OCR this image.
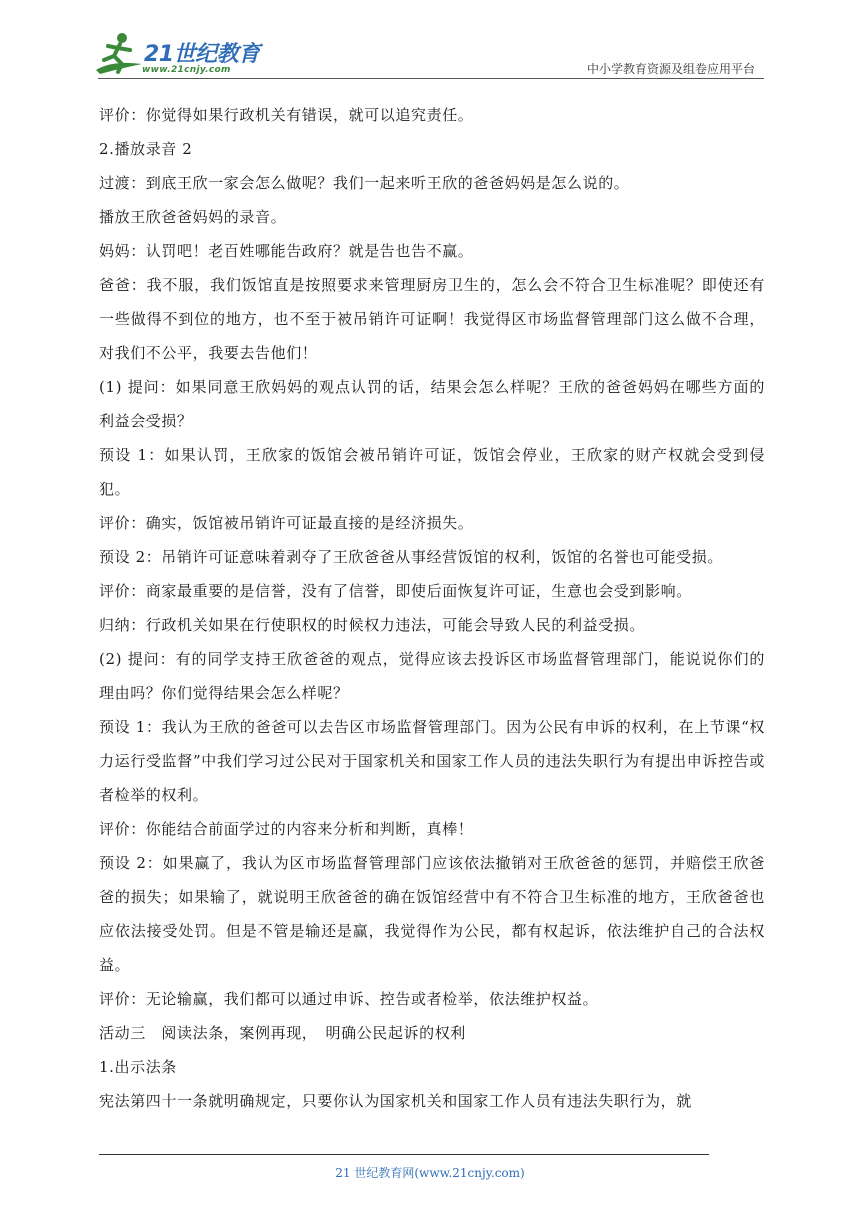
21世纪教育
www.21cnjy.com	中小学教育资源及组卷应用平台

评价：你觉得如果行政机关有错误，就可以追究责任。

2.播放录音 2

过渡：到底王欣一家会怎么做呢？我们一起来听王欣的爸爸妈妈是怎么说的。

播放王欣爸爸妈妈的录音。

妈妈：认罚吧！老百姓哪能告政府？就是告也告不赢。

爸爸：我不服，我们饭馆直是按照要求来管理厨房卫生的，怎么会不符合卫生标准呢？即使还有一些做得不到位的地方，也不至于被吊销许可证啊！我觉得区市场监督管理部门这么做不合理，对我们不公平，我要去告他们！

(1) 提问：如果同意王欣妈妈的观点认罚的话，结果会怎么样呢？王欣的爸爸妈妈在哪些方面的利益会受损？

预设 1：如果认罚，王欣家的饭馆会被吊销许可证，饭馆会停业，王欣家的财产权就会受到侵犯。

评价：确实，饭馆被吊销许可证最直接的是经济损失。

预设 2：吊销许可证意味着剥夺了王欣爸爸从事经营饭馆的权利，饭馆的名誉也可能受损。

评价：商家最重要的是信誉，没有了信誉，即使后面恢复许可证，生意也会受到影响。

归纳：行政机关如果在行使职权的时候权力违法，可能会导致人民的利益受损。

(2) 提问：有的同学支持王欣爸爸的观点，觉得应该去投诉区市场监督管理部门，能说说你们的理由吗？你们觉得结果会怎么样呢？

预设 1：我认为王欣的爸爸可以去告区市场监督管理部门。因为公民有申诉的权利，在上节课“权力运行受监督”中我们学习过公民对于国家机关和国家工作人员的违法失职行为有提出申诉控告或者检举的权利。

评价：你能结合前面学过的内容来分析和判断，真棒！

预设 2：如果赢了，我认为区市场监督管理部门应该依法撤销对王欣爸爸的惩罚，并赔偿王欣爸爸的损失；如果输了，就说明王欣爸爸的确在饭馆经营中有不符合卫生标准的地方，王欣爸爸也应依法接受处罚。但是不管是输还是赢，我觉得作为公民，都有权起诉，依法维护自己的合法权益。

评价：无论输赢，我们都可以通过申诉、控告或者检举，依法维护权益。

活动三　阅读法条，案例再现，　明确公民起诉的权利

1.出示法条

宪法第四十一条就明确规定，只要你认为国家机关和国家工作人员有违法失职行为，就

21 世纪教育网(www.21cnjy.com)
